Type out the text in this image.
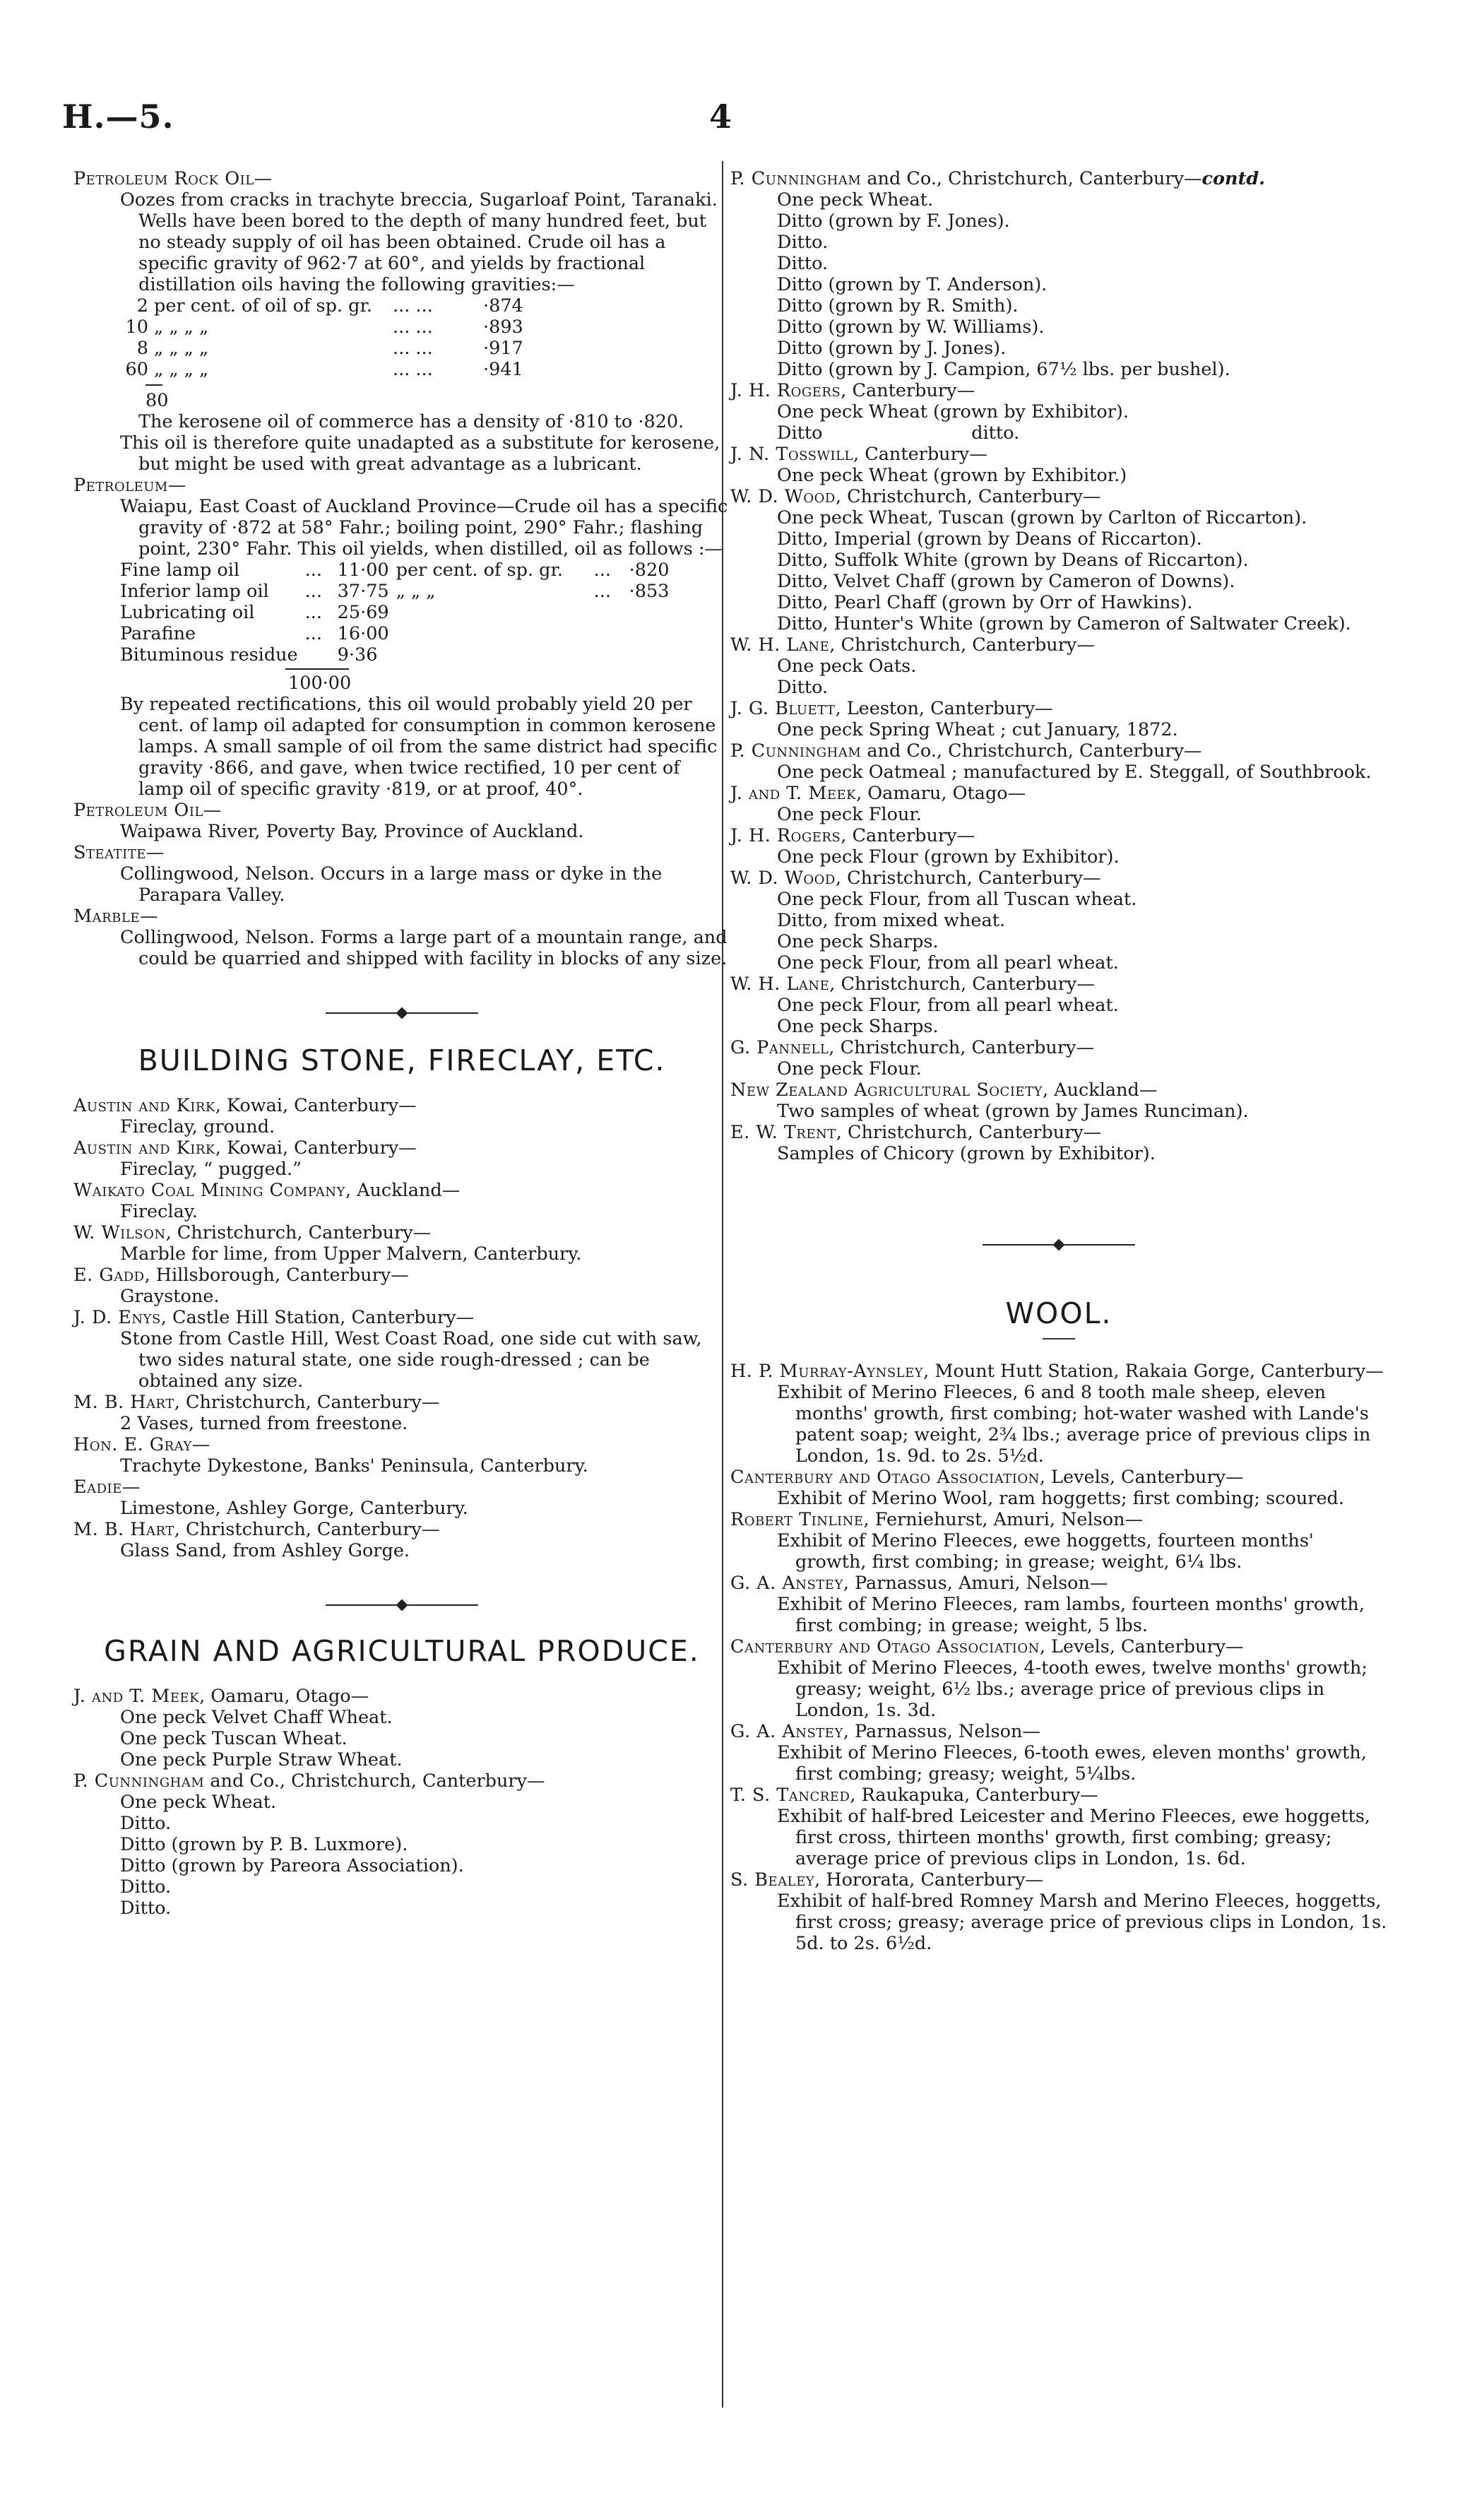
H.—5.	4
Petroleum Rock Oil—
Oozes from cracks in trachyte breccia, Sugarloaf Point, Taranaki. Wells have been bored to the depth of many hundred feet, but no steady supply of oil has been obtained. Crude oil has a specific gravity of 962·7 at 60°, and yields by fractional distillation oils having the following gravities:—
2	per cent. of oil of sp. gr.	... ...	·874
10	„ „ „ „	... ...	·893
8	„ „ „ „	... ...	·917
60	„ „ „ „	... ...	·941
80
The kerosene oil of commerce has a density of ·810 to ·820.
This oil is therefore quite unadapted as a substitute for kerosene, but might be used with great advantage as a lubricant.
Petroleum—
Waiapu, East Coast of Auckland Province—Crude oil has a specific gravity of ·872 at 58° Fahr.; boiling point, 290° Fahr.; flashing point, 230° Fahr. This oil yields, when distilled, oil as follows :—
Fine lamp oil	...	11·00	per cent. of sp. gr.	...	·820
Inferior lamp oil	...	37·75	„ „ „	...	·853
Lubricating oil	...	25·69			
Parafine	...	16·00			
Bituminous residue		9·36			
100·00
By repeated rectifications, this oil would probably yield 20 per cent. of lamp oil adapted for consumption in common kerosene lamps. A small sample of oil from the same district had specific gravity ·866, and gave, when twice rectified, 10 per cent of lamp oil of specific gravity ·819, or at proof, 40°.
Petroleum Oil—
Waipawa River, Poverty Bay, Province of Auckland.
Steatite—
Collingwood, Nelson. Occurs in a large mass or dyke in the Parapara Valley.
Marble—
Collingwood, Nelson. Forms a large part of a mountain range, and could be quarried and shipped with facility in blocks of any size.
BUILDING STONE, FIRECLAY, ETC.
Austin and Kirk, Kowai, Canterbury—
Fireclay, ground.
Austin and Kirk, Kowai, Canterbury—
Fireclay, “ pugged.”
Waikato Coal Mining Company, Auckland—
Fireclay.
W. Wilson, Christchurch, Canterbury—
Marble for lime, from Upper Malvern, Canterbury.
E. Gadd, Hillsborough, Canterbury—
Graystone.
J. D. Enys, Castle Hill Station, Canterbury—
Stone from Castle Hill, West Coast Road, one side cut with saw, two sides natural state, one side rough-dressed ; can be obtained any size.
M. B. Hart, Christchurch, Canterbury—
2 Vases, turned from freestone.
Hon. E. Gray—
Trachyte Dykestone, Banks' Peninsula, Canterbury.
Eadie—
Limestone, Ashley Gorge, Canterbury.
M. B. Hart, Christchurch, Canterbury—
Glass Sand, from Ashley Gorge.
GRAIN AND AGRICULTURAL PRODUCE.
J. and T. Meek, Oamaru, Otago—
One peck Velvet Chaff Wheat.
One peck Tuscan Wheat.
One peck Purple Straw Wheat.
P. Cunningham and Co., Christchurch, Canterbury—
One peck Wheat.
Ditto.
Ditto (grown by P. B. Luxmore).
Ditto (grown by Pareora Association).
Ditto.
Ditto.
P. Cunningham and Co., Christchurch, Canterbury—contd.
One peck Wheat.
Ditto (grown by F. Jones).
Ditto.
Ditto.
Ditto (grown by T. Anderson).
Ditto (grown by R. Smith).
Ditto (grown by W. Williams).
Ditto (grown by J. Jones).
Ditto (grown by J. Campion, 67½ lbs. per bushel).
J. H. Rogers, Canterbury—
One peck Wheat (grown by Exhibitor).
Ditto                          ditto.
J. N. Tosswill, Canterbury—
One peck Wheat (grown by Exhibitor.)
W. D. Wood, Christchurch, Canterbury—
One peck Wheat, Tuscan (grown by Carlton of Riccarton).
Ditto, Imperial (grown by Deans of Riccarton).
Ditto, Suffolk White (grown by Deans of Riccarton).
Ditto, Velvet Chaff (grown by Cameron of Downs).
Ditto, Pearl Chaff (grown by Orr of Hawkins).
Ditto, Hunter's White (grown by Cameron of Saltwater Creek).
W. H. Lane, Christchurch, Canterbury—
One peck Oats.
Ditto.
J. G. Bluett, Leeston, Canterbury—
One peck Spring Wheat ; cut January, 1872.
P. Cunningham and Co., Christchurch, Canterbury—
One peck Oatmeal ; manufactured by E. Steggall, of Southbrook.
J. and T. Meek, Oamaru, Otago—
One peck Flour.
J. H. Rogers, Canterbury—
One peck Flour (grown by Exhibitor).
W. D. Wood, Christchurch, Canterbury—
One peck Flour, from all Tuscan wheat.
Ditto, from mixed wheat.
One peck Sharps.
One peck Flour, from all pearl wheat.
W. H. Lane, Christchurch, Canterbury—
One peck Flour, from all pearl wheat.
One peck Sharps.
G. Pannell, Christchurch, Canterbury—
One peck Flour.
New Zealand Agricultural Society, Auckland—
Two samples of wheat (grown by James Runciman).
E. W. Trent, Christchurch, Canterbury—
Samples of Chicory (grown by Exhibitor).
WOOL.
H. P. Murray-Aynsley, Mount Hutt Station, Rakaia Gorge, Canterbury—
Exhibit of Merino Fleeces, 6 and 8 tooth male sheep, eleven months' growth, first combing; hot-water washed with Lande's patent soap; weight, 2¾ lbs.; average price of previous clips in London, 1s. 9d. to 2s. 5½d.
Canterbury and Otago Association, Levels, Canterbury—
Exhibit of Merino Wool, ram hoggetts; first combing; scoured.
Robert Tinline, Ferniehurst, Amuri, Nelson—
Exhibit of Merino Fleeces, ewe hoggetts, fourteen months' growth, first combing; in grease; weight, 6¼ lbs.
G. A. Anstey, Parnassus, Amuri, Nelson—
Exhibit of Merino Fleeces, ram lambs, fourteen months' growth, first combing; in grease; weight, 5 lbs.
Canterbury and Otago Association, Levels, Canterbury—
Exhibit of Merino Fleeces, 4-tooth ewes, twelve months' growth; greasy; weight, 6½ lbs.; average price of previous clips in London, 1s. 3d.
G. A. Anstey, Parnassus, Nelson—
Exhibit of Merino Fleeces, 6-tooth ewes, eleven months' growth, first combing; greasy; weight, 5¼lbs.
T. S. Tancred, Raukapuka, Canterbury—
Exhibit of half-bred Leicester and Merino Fleeces, ewe hoggetts, first cross, thirteen months' growth, first combing; greasy; average price of previous clips in London, 1s. 6d.
S. Bealey, Hororata, Canterbury—
Exhibit of half-bred Romney Marsh and Merino Fleeces, hoggetts, first cross; greasy; average price of previous clips in London, 1s. 5d. to 2s. 6½d.
